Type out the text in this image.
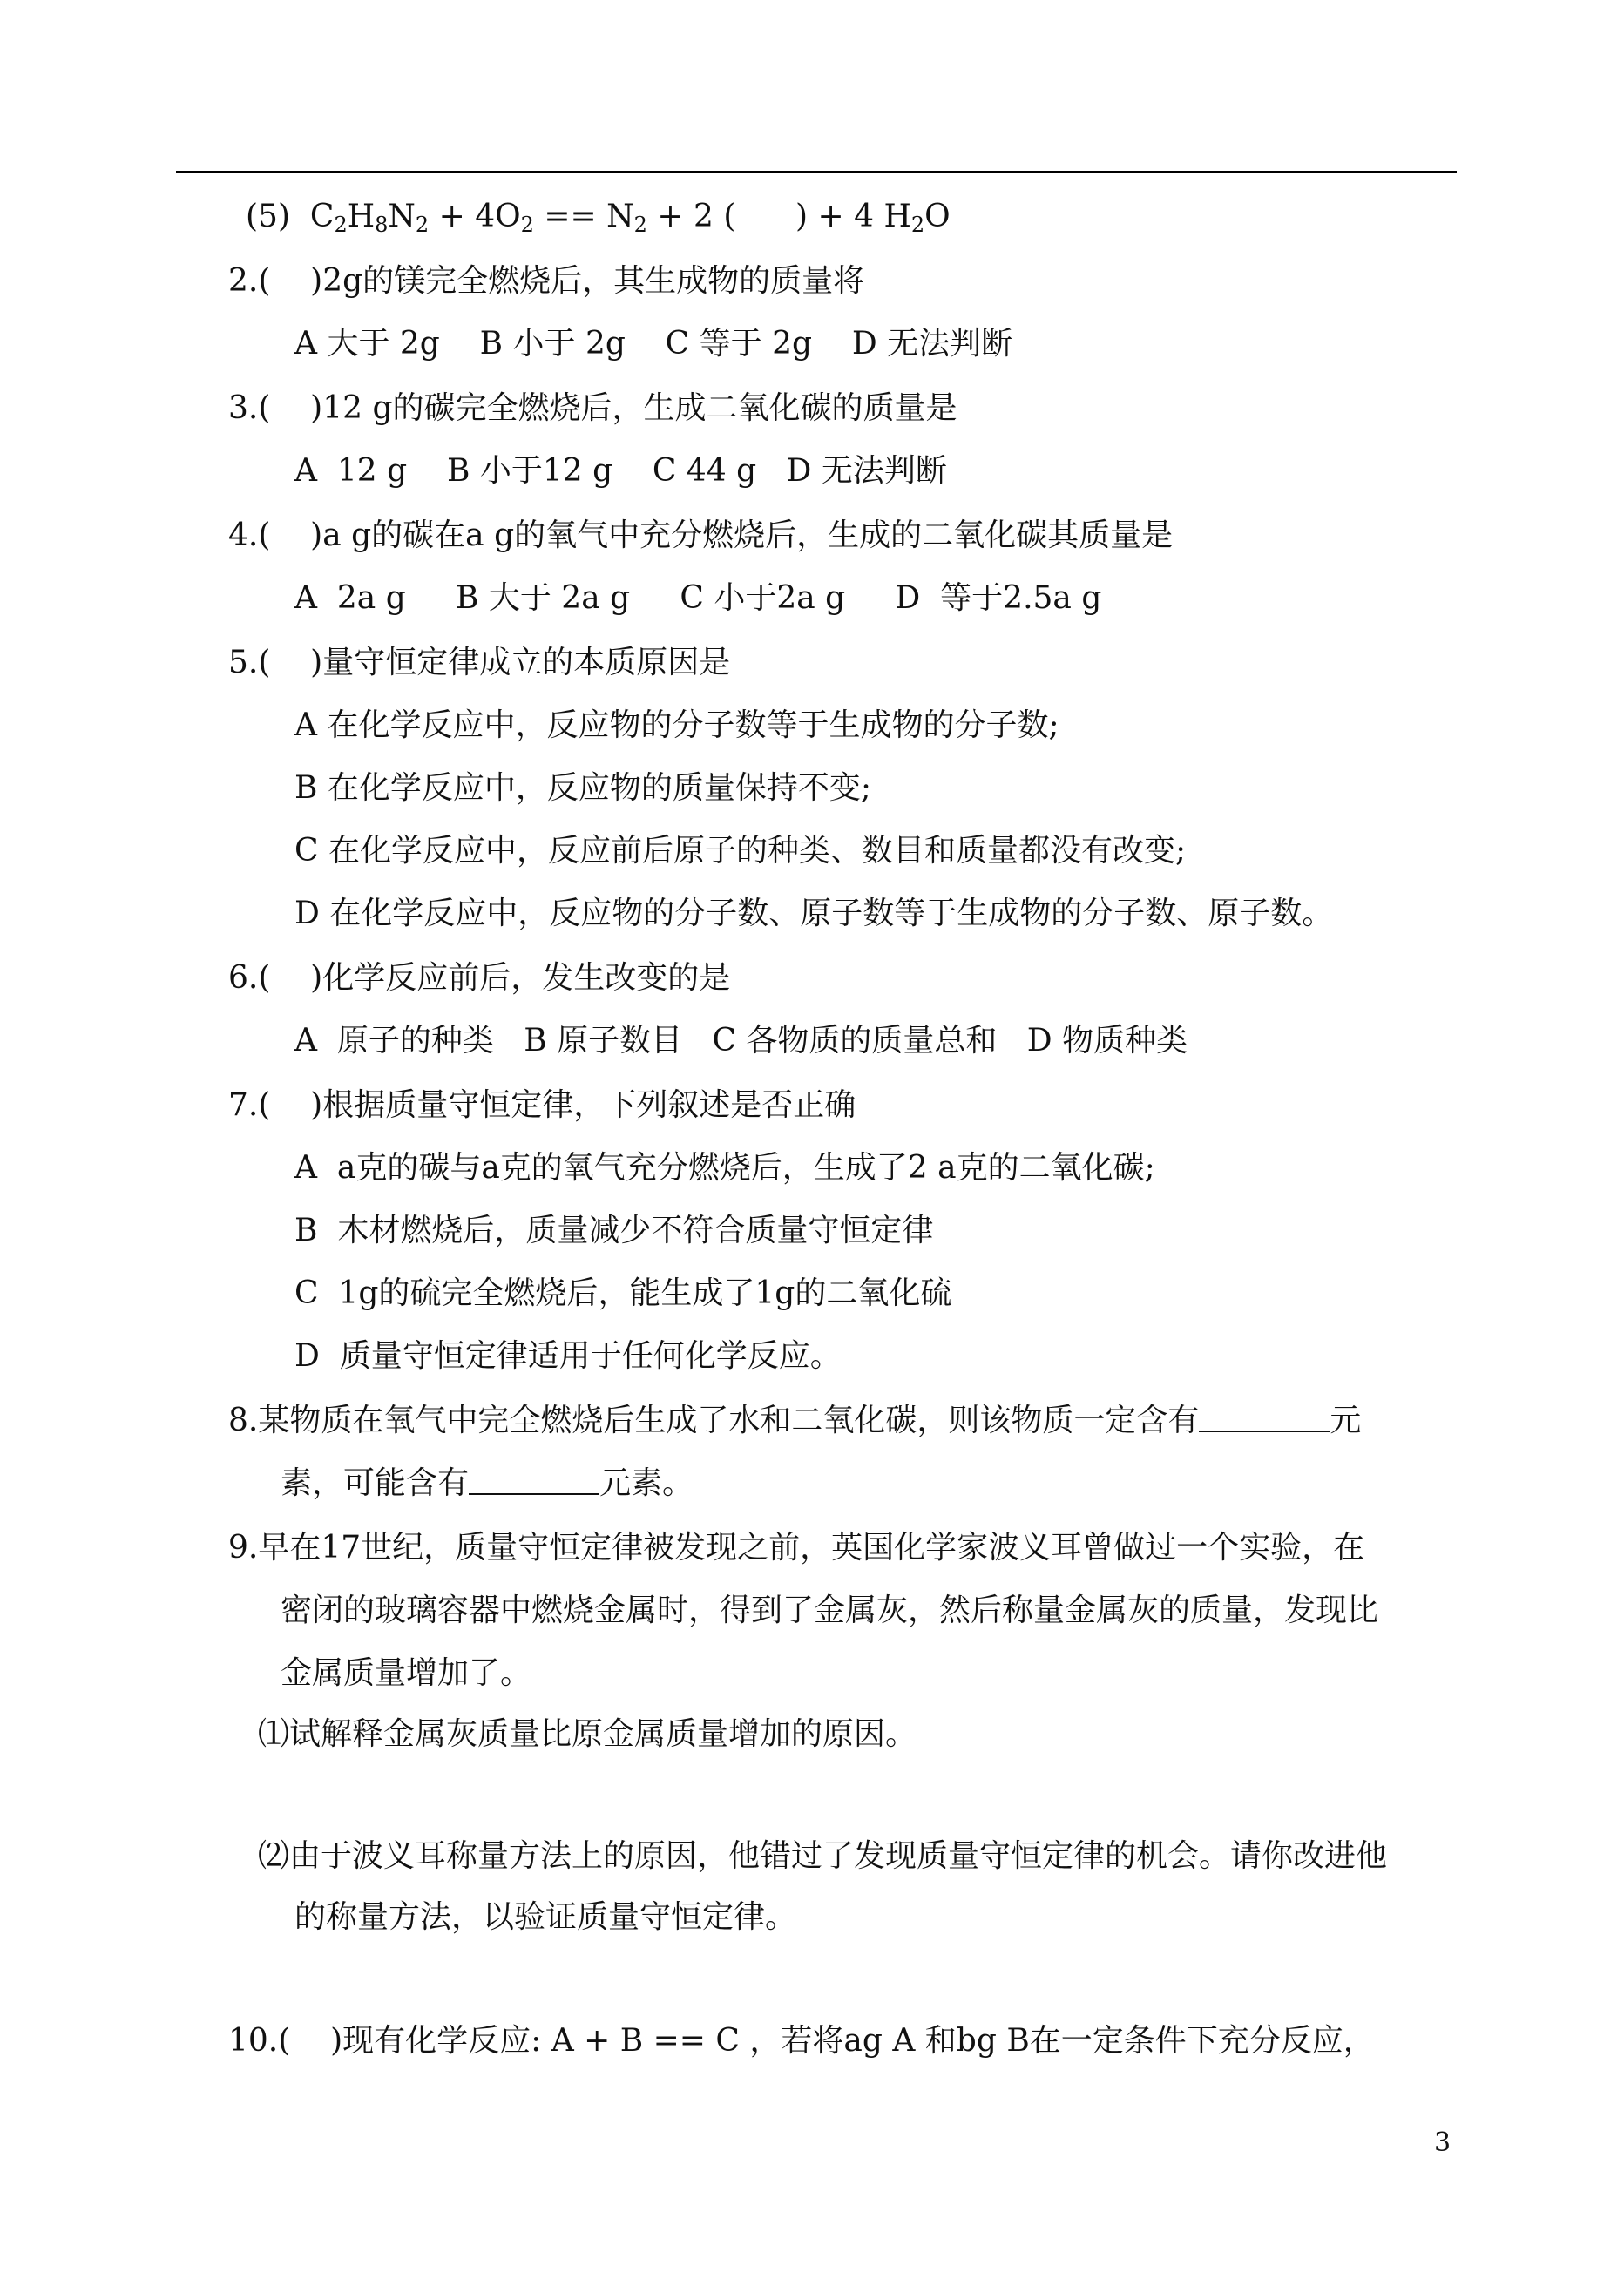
(5) $C_2H_8N_2 + 4O_2 == N_2 + 2$ (      ) + 4 $H_2O$
2.(    )2g的镁完全燃烧后，其生成物的质量将
A 大于 2g    B 小于 2g    C 等于 2g    D 无法判断
3.(    )12 g的碳完全燃烧后，生成二氧化碳的质量是
A  12 g    B 小于12 g    C 44 g   D 无法判断
4.(    )a g的碳在a g的氧气中充分燃烧后，生成的二氧化碳其质量是
A  2a g     B 大于 2a g     C 小于2a g     D  等于2.5a g
5.(    )量守恒定律成立的本质原因是
A 在化学反应中，反应物的分子数等于生成物的分子数;
B 在化学反应中，反应物的质量保持不变;
C 在化学反应中，反应前后原子的种类、数目和质量都没有改变;
D 在化学反应中，反应物的分子数、原子数等于生成物的分子数、原子数。
6.(    )化学反应前后，发生改变的是
A  原子的种类   B 原子数目   C 各物质的质量总和   D 物质种类
7.(    )根据质量守恒定律，下列叙述是否正确
A  a克的碳与a克的氧气充分燃烧后，生成了2 a克的二氧化碳;
B  木材燃烧后，质量减少不符合质量守恒定律
C  1g的硫完全燃烧后，能生成了1g的二氧化硫
D  质量守恒定律适用于任何化学反应。
8.某物质在氧气中完全燃烧后生成了水和二氧化碳，则该物质一定含有	元
素，可能含有	元素。
9.早在17世纪，质量守恒定律被发现之前，英国化学家波义耳曾做过一个实验，在
密闭的玻璃容器中燃烧金属时，得到了金属灰，然后称量金属灰的质量，发现比
金属质量增加了。
⑴试解释金属灰质量比原金属质量增加的原因。
⑵由于波义耳称量方法上的原因，他错过了发现质量守恒定律的机会。请你改进他
的称量方法，以验证质量守恒定律。
10.(    )现有化学反应: A + B == C ，若将ag A 和bg B在一定条件下充分反应，
3
